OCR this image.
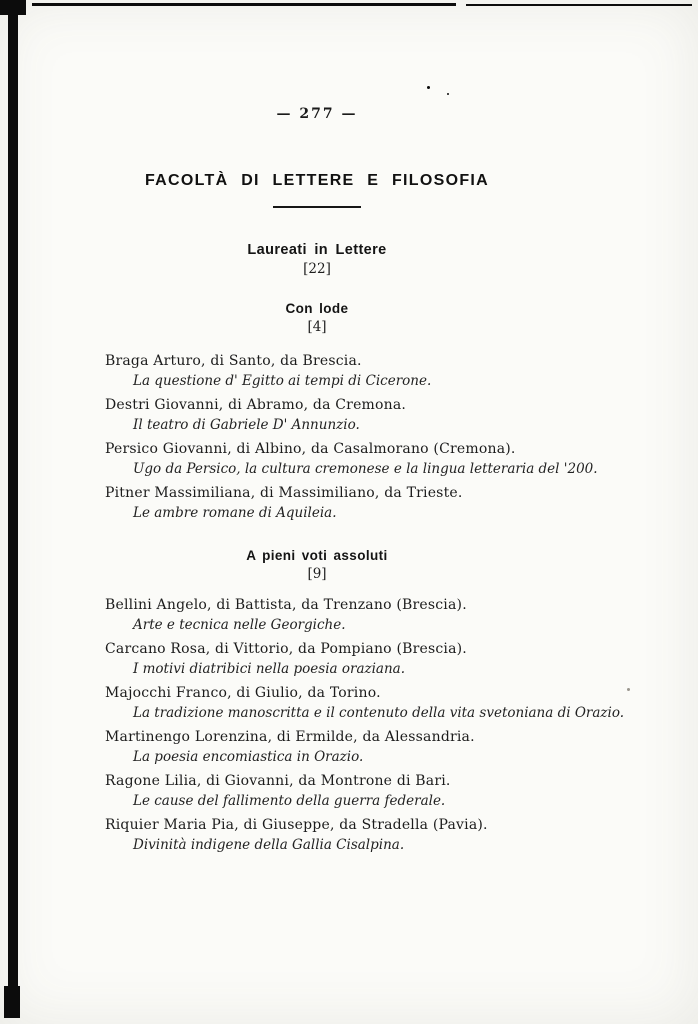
— 277 —
FACOLTÀ DI LETTERE E FILOSOFIA
Laureati in Lettere
[22]
Con lode
[4]
Braga Arturo, di Santo, da Brescia.
La questione d' Egitto ai tempi di Cicerone.
Destri Giovanni, di Abramo, da Cremona.
Il teatro di Gabriele D' Annunzio.
Persico Giovanni, di Albino, da Casalmorano (Cremona).
Ugo da Persico, la cultura cremonese e la lingua letteraria del '200.
Pitner Massimiliana, di Massimiliano, da Trieste.
Le ambre romane di Aquileia.
A pieni voti assoluti
[9]
Bellini Angelo, di Battista, da Trenzano (Brescia).
Arte e tecnica nelle Georgiche.
Carcano Rosa, di Vittorio, da Pompiano (Brescia).
I motivi diatribici nella poesia oraziana.
Majocchi Franco, di Giulio, da Torino.
La tradizione manoscritta e il contenuto della vita svetoniana di Orazio.
Martinengo Lorenzina, di Ermilde, da Alessandria.
La poesia encomiastica in Orazio.
Ragone Lilia, di Giovanni, da Montrone di Bari.
Le cause del fallimento della guerra federale.
Riquier Maria Pia, di Giuseppe, da Stradella (Pavia).
Divinità indigene della Gallia Cisalpina.
